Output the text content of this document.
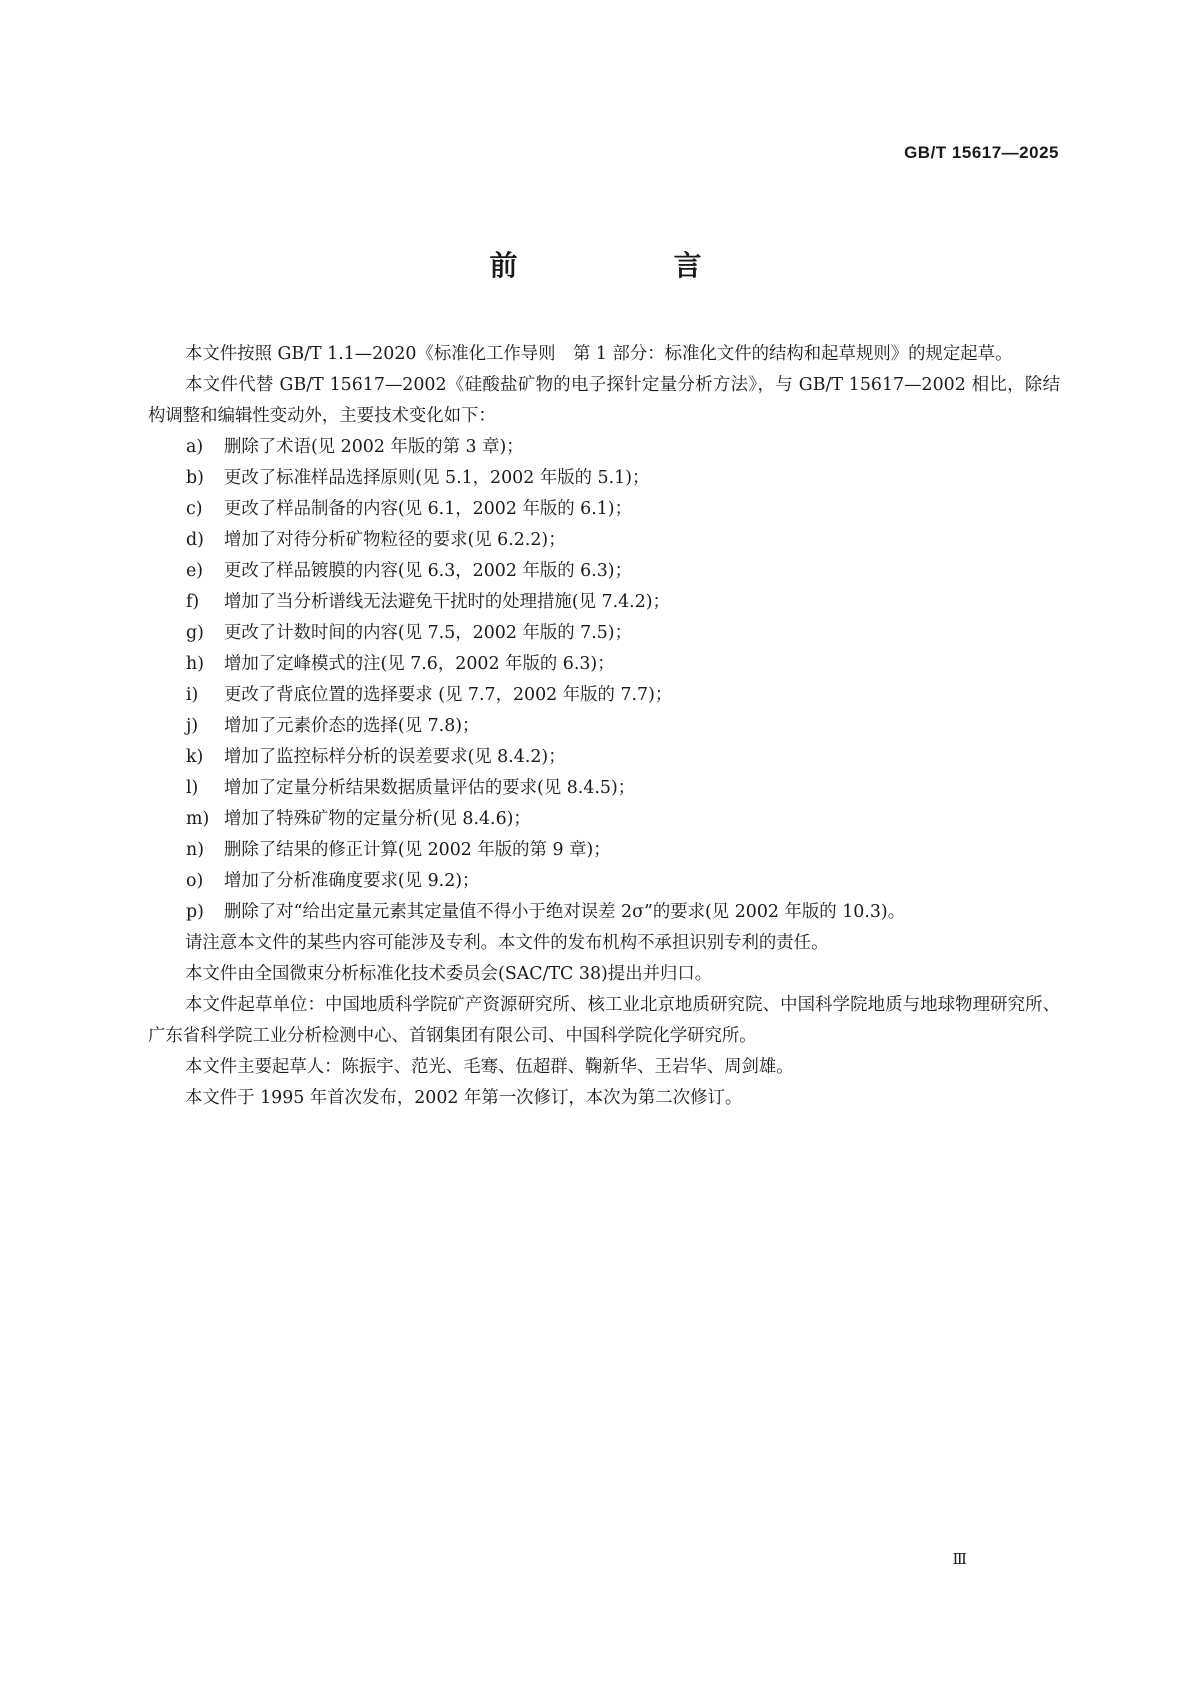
GB/T 15617—2025
前　言

本文件按照 GB/T 1.1—2020《标准化工作导则　第 1 部分：标准化文件的结构和起草规则》的规定起草。

本文件代替 GB/T 15617—2002《硅酸盐矿物的电子探针定量分析方法》，与 GB/T 15617—2002 相比，除结构调整和编辑性变动外，主要技术变化如下：

a) 删除了术语(见 2002 年版的第 3 章)；
b) 更改了标准样品选择原则(见 5.1，2002 年版的 5.1)；
c) 更改了样品制备的内容(见 6.1，2002 年版的 6.1)；
d) 增加了对待分析矿物粒径的要求(见 6.2.2)；
e) 更改了样品镀膜的内容(见 6.3，2002 年版的 6.3)；
f) 增加了当分析谱线无法避免干扰时的处理措施(见 7.4.2)；
g) 更改了计数时间的内容(见 7.5，2002 年版的 7.5)；
h) 增加了定峰模式的注(见 7.6，2002 年版的 6.3)；
i) 更改了背底位置的选择要求 (见 7.7，2002 年版的 7.7)；
j) 增加了元素价态的选择(见 7.8)；
k) 增加了监控标样分析的误差要求(见 8.4.2)；
l) 增加了定量分析结果数据质量评估的要求(见 8.4.5)；
m) 增加了特殊矿物的定量分析(见 8.4.6)；
n) 删除了结果的修正计算(见 2002 年版的第 9 章)；
o) 增加了分析准确度要求(见 9.2)；
p) 删除了对“给出定量元素其定量值不得小于绝对误差 2σ”的要求(见 2002 年版的 10.3)。

请注意本文件的某些内容可能涉及专利。本文件的发布机构不承担识别专利的责任。

本文件由全国微束分析标准化技术委员会(SAC/TC 38)提出并归口。

本文件起草单位：中国地质科学院矿产资源研究所、核工业北京地质研究院、中国科学院地质与地球物理研究所、广东省科学院工业分析检测中心、首钢集团有限公司、中国科学院化学研究所。

本文件主要起草人：陈振宇、范光、毛骞、伍超群、鞠新华、王岩华、周剑雄。

本文件于 1995 年首次发布，2002 年第一次修订，本次为第二次修订。

Ⅲ
